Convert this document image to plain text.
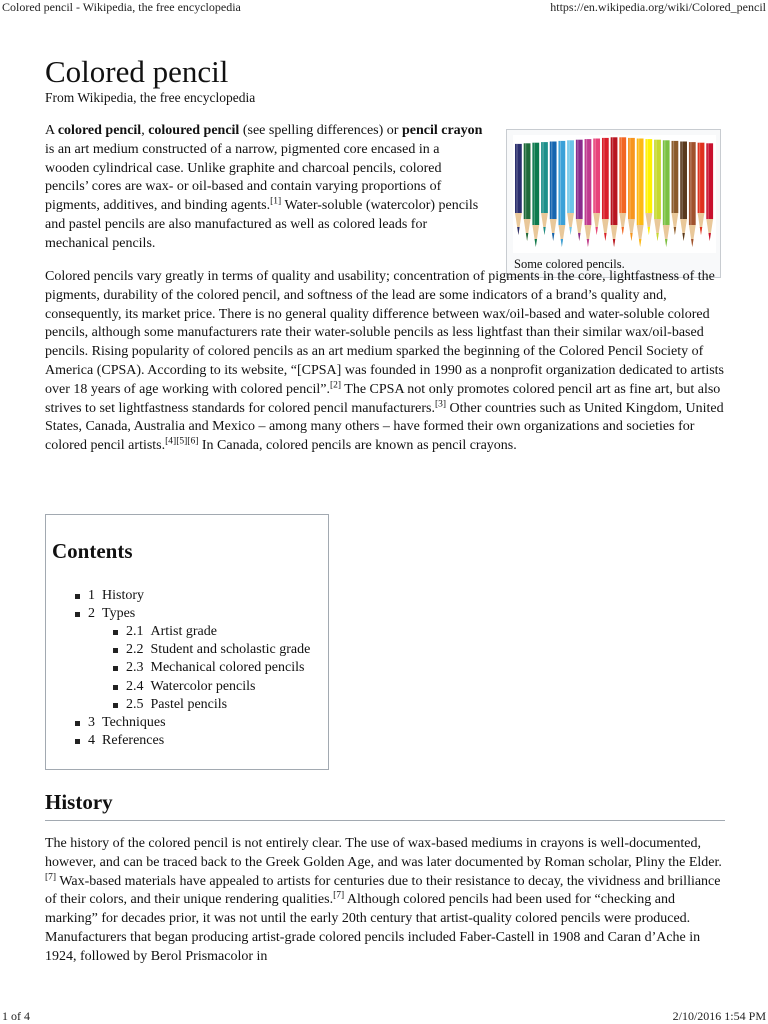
Colored pencil - Wikipedia, the free encyclopedia	https://en.wikipedia.org/wiki/Colored_pencil
Colored pencil
From Wikipedia, the free encyclopedia

A colored pencil, coloured pencil (see spelling differences) or pencil crayon is an art medium constructed of a narrow, pigmented core encased in a wooden cylindrical case. Unlike graphite and charcoal pencils, colored pencils’ cores are wax- or oil-based and contain varying proportions of pigments, additives, and binding agents.[1] Water-soluble (watercolor) pencils and pastel pencils are also manufactured as well as colored leads for mechanical pencils.

Some colored pencils.

Colored pencils vary greatly in terms of quality and usability; concentration of pigments in the core, lightfastness of the pigments, durability of the colored pencil, and softness of the lead are some indicators of a brand’s quality and, consequently, its market price. There is no general quality difference between wax/oil-based and water-soluble colored pencils, although some manufacturers rate their water-soluble pencils as less lightfast than their similar wax/oil-based pencils. Rising popularity of colored pencils as an art medium sparked the beginning of the Colored Pencil Society of America (CPSA). According to its website, “[CPSA] was founded in 1990 as a nonprofit organization dedicated to artists over 18 years of age working with colored pencil”.[2] The CPSA not only promotes colored pencil art as fine art, but also strives to set lightfastness standards for colored pencil manufacturers.[3] Other countries such as United Kingdom, United States, Canada, Australia and Mexico – among many others – have formed their own organizations and societies for colored pencil artists.[4][5][6] In Canada, colored pencils are known as pencil crayons.

Contents
1 History
2 Types
2.1 Artist grade
2.2 Student and scholastic grade
2.3 Mechanical colored pencils
2.4 Watercolor pencils
2.5 Pastel pencils
3 Techniques
4 References
History

The history of the colored pencil is not entirely clear. The use of wax-based mediums in crayons is well-documented, however, and can be traced back to the Greek Golden Age, and was later documented by Roman scholar, Pliny the Elder.[7] Wax-based materials have appealed to artists for centuries due to their resistance to decay, the vividness and brilliance of their colors, and their unique rendering qualities.[7] Although colored pencils had been used for “checking and marking” for decades prior, it was not until the early 20th century that artist-quality colored pencils were produced. Manufacturers that began producing artist-grade colored pencils included Faber-Castell in 1908 and Caran d’Ache in 1924, followed by Berol Prismacolor in

1 of 4	2/10/2016 1:54 PM
